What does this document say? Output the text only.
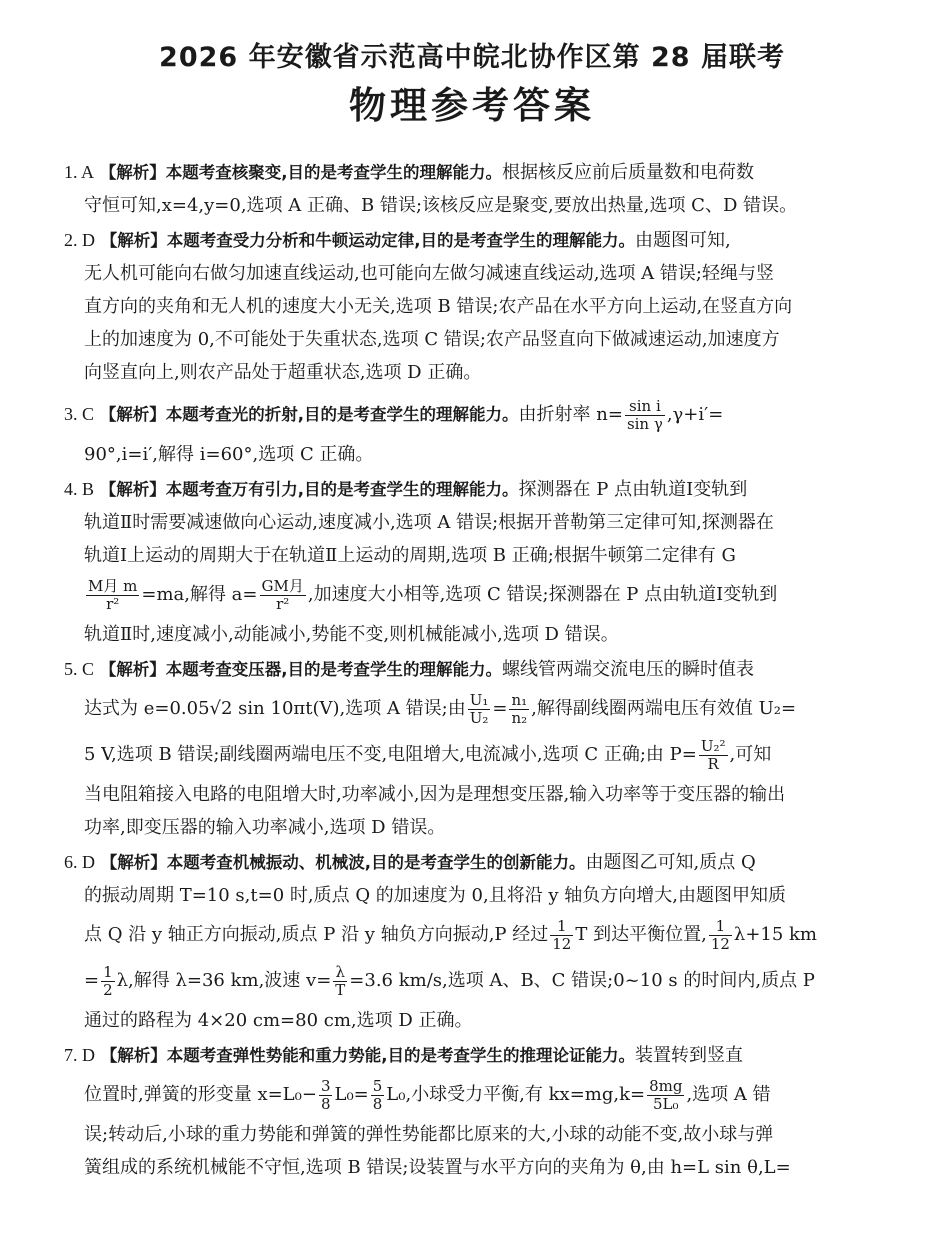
2026 年安徽省示范高中皖北协作区第 28 届联考
物理参考答案
1. A 【解析】本题考查核聚变,目的是考查学生的理解能力。根据核反应前后质量数和电荷数
守恒可知,x=4,y=0,选项 A 正确、B 错误;该核反应是聚变,要放出热量,选项 C、D 错误。
2. D 【解析】本题考查受力分析和牛顿运动定律,目的是考查学生的理解能力。由题图可知,
无人机可能向右做匀加速直线运动,也可能向左做匀减速直线运动,选项 A 错误;轻绳与竖
直方向的夹角和无人机的速度大小无关,选项 B 错误;农产品在水平方向上运动,在竖直方向
上的加速度为 0,不可能处于失重状态,选项 C 错误;农产品竖直向下做减速运动,加速度方
向竖直向上,则农产品处于超重状态,选项 D 正确。
3. C 【解析】本题考查光的折射,目的是考查学生的理解能力。由折射率 $n= \frac{\text{sin i}}{\text{sin γ}} ,\gamma+i'=$
90°,i=i′,解得 i=60°,选项 C 正确。
4. B 【解析】本题考查万有引力,目的是考查学生的理解能力。探测器在 P 点由轨道Ⅰ变轨到
轨道Ⅱ时需要减速做向心运动,速度减小,选项 A 错误;根据开普勒第三定律可知,探测器在
轨道Ⅰ上运动的周期大于在轨道Ⅱ上运动的周期,选项 B 正确;根据牛顿第二定律有 G
$\frac{\text{M月 m}}{\text{r²}} =ma$,解得 $a= \frac{\text{GM月}}{\text{r²}}$ ,加速度大小相等,选项 C 错误;探测器在 P 点由轨道Ⅰ变轨到
轨道Ⅱ时,速度减小,动能减小,势能不变,则机械能减小,选项 D 错误。
5. C 【解析】本题考查变压器,目的是考查学生的理解能力。螺线管两端交流电压的瞬时值表
达式为 e=0.05√2 sin 10πt(V),选项 A 错误;由 $\frac{\text{U₁}}{\text{U₂}} = \frac{\text{n₁}}{\text{n₂}}$ ,解得副线圈两端电压有效值 U₂=
5 V,选项 B 错误;副线圈两端电压不变,电阻增大,电流减小,选项 C 正确;由 $P= \frac{\text{U₂²}}{R}$ ,可知
当电阻箱接入电路的电阻增大时,功率减小,因为是理想变压器,输入功率等于变压器的输出
功率,即变压器的输入功率减小,选项 D 错误。
6. D 【解析】本题考查机械振动、机械波,目的是考查学生的创新能力。由题图乙可知,质点 Q
的振动周期 T=10 s,t=0 时,质点 Q 的加速度为 0,且将沿 y 轴负方向增大,由题图甲知质
点 Q 沿 y 轴正方向振动,质点 P 沿 y 轴负方向振动,P 经过 $\frac{1}{12}$ T 到达平衡位置, $\frac{1}{12} \lambda+15$ km
= $\frac{1}{2} \lambda$,解得 λ=36 km,波速 $v= \frac{\lambda}{T} =3.6$ km/s,选项 A、B、C 错误;0~10 s 的时间内,质点 P
通过的路程为 4×20 cm=80 cm,选项 D 正确。
7. D 【解析】本题考查弹性势能和重力势能,目的是考查学生的推理论证能力。装置转到竖直
位置时,弹簧的形变量 $x=L_0- \frac{3}{8} L_0= \frac{5}{8} L_0$,小球受力平衡,有 $kx=mg,k= \frac{8mg}{\text{5L₀}}$ ,选项 A 错
误;转动后,小球的重力势能和弹簧的弹性势能都比原来的大,小球的动能不变,故小球与弹
簧组成的系统机械能不守恒,选项 B 错误;设装置与水平方向的夹角为 θ,由 h=L sin θ,L=
